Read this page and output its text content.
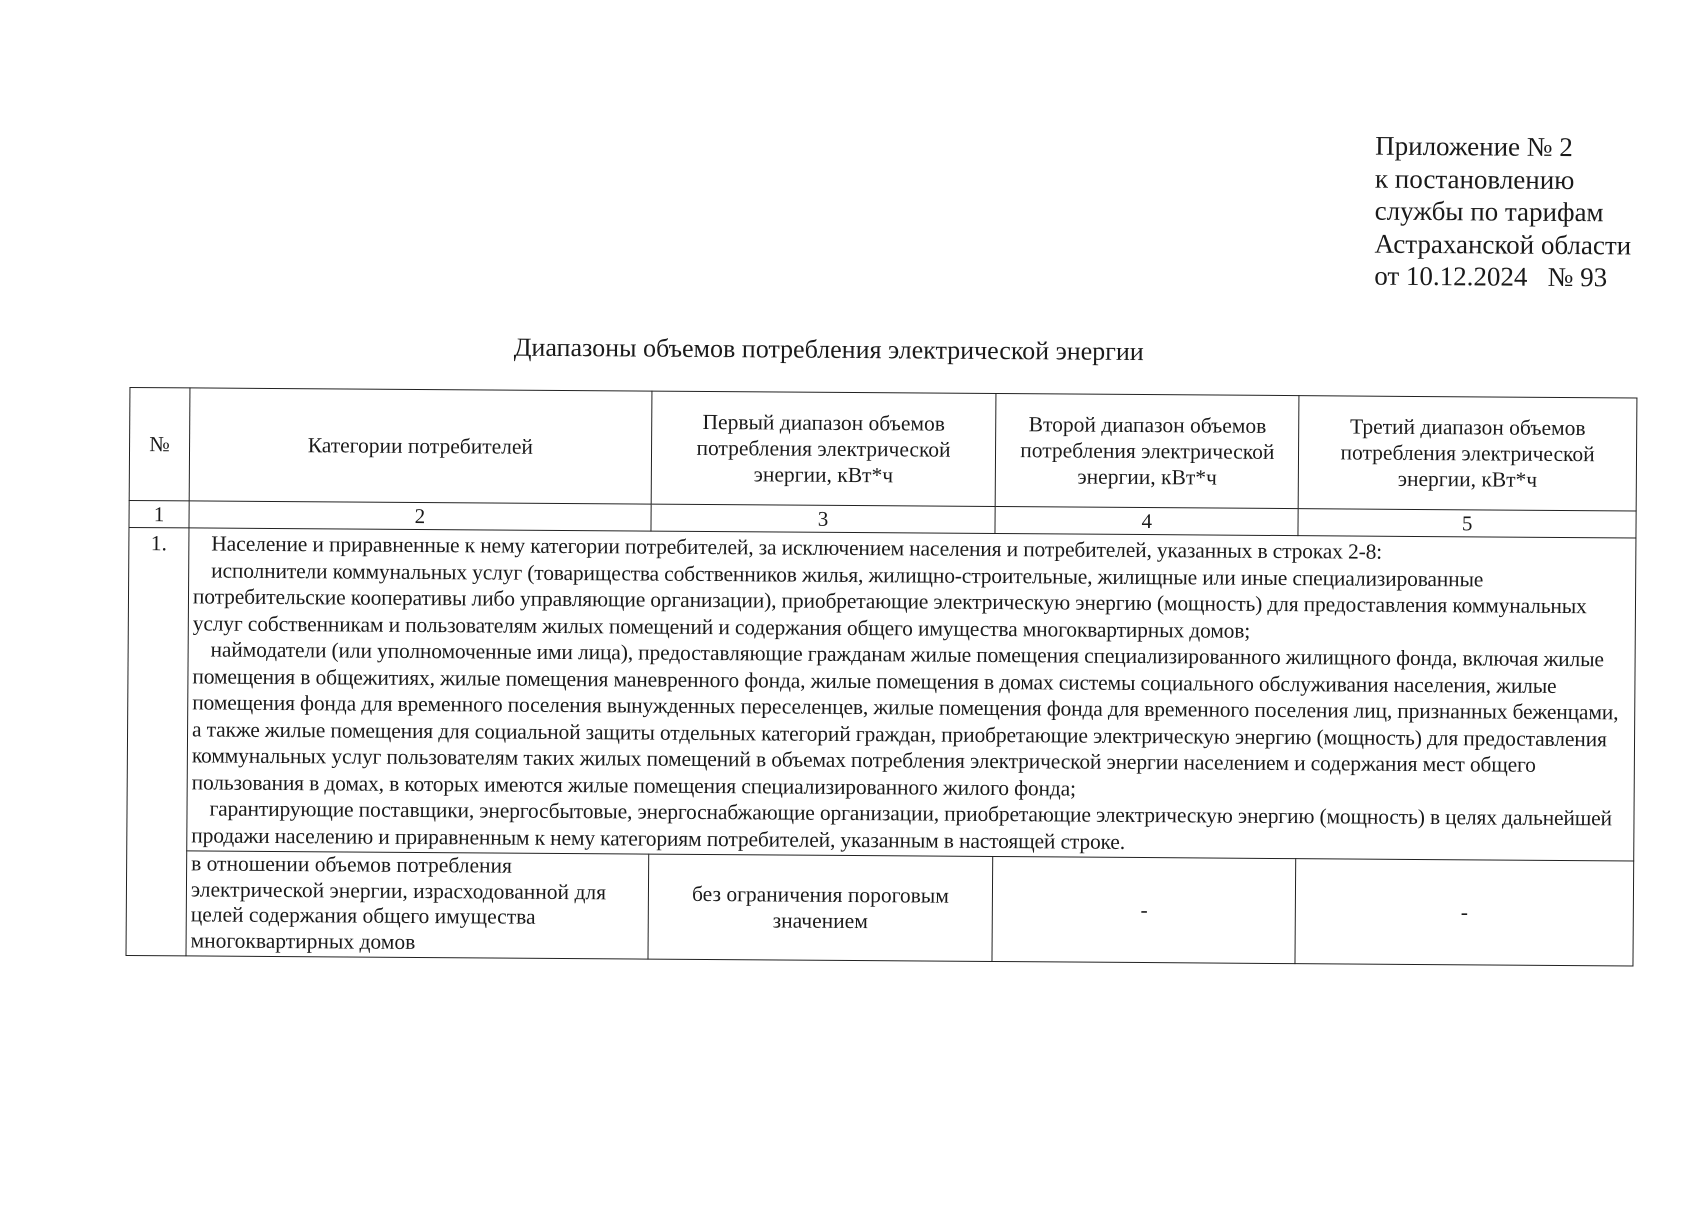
Приложение № 2
к постановлению
службы по тарифам
Астраханской области
от 10.12.2024   № 93
Диапазоны объемов потребления электрической энергии
№	Категории потребителей	Первый диапазон объемов потребления электрической энергии, кВт*ч	Второй диапазон объемов потребления электрической энергии, кВт*ч	Третий диапазон объемов потребления электрической энергии, кВт*ч
1	2	3	4	5
1.	Население и приравненные к нему категории потребителей, за исключением населения и потребителей, указанных в строках 2-8:

исполнители коммунальных услуг (товарищества собственников жилья, жилищно-строительные, жилищные или иные специализированные потребительские кооперативы либо управляющие организации), приобретающие электрическую энергию (мощность) для предоставления коммунальных услуг собственникам и пользователям жилых помещений и содержания общего имущества многоквартирных домов;

наймодатели (или уполномоченные ими лица), предоставляющие гражданам жилые помещения специализированного жилищного фонда, включая жилые помещения в общежитиях, жилые помещения маневренного фонда, жилые помещения в домах системы социального обслуживания населения, жилые помещения фонда для временного поселения вынужденных переселенцев, жилые помещения фонда для временного поселения лиц, признанных беженцами, а также жилые помещения для социальной защиты отдельных категорий граждан, приобретающие электрическую энергию (мощность) для предоставления коммунальных услуг пользователям таких жилых помещений в объемах потребления электрической энергии населением и содержания мест общего пользования в домах, в которых имеются жилые помещения специализированного жилого фонда;

гарантирующие поставщики, энергосбытовые, энергоснабжающие организации, приобретающие электрическую энергию (мощность) в целях дальнейшей продажи населению и приравненным к нему категориям потребителей, указанным в настоящей строке.			

	в отношении объемов потребления электрической энергии, израсходованной для целей содержания общего имущества многоквартирных домов	без ограничения пороговым значением	-	-
